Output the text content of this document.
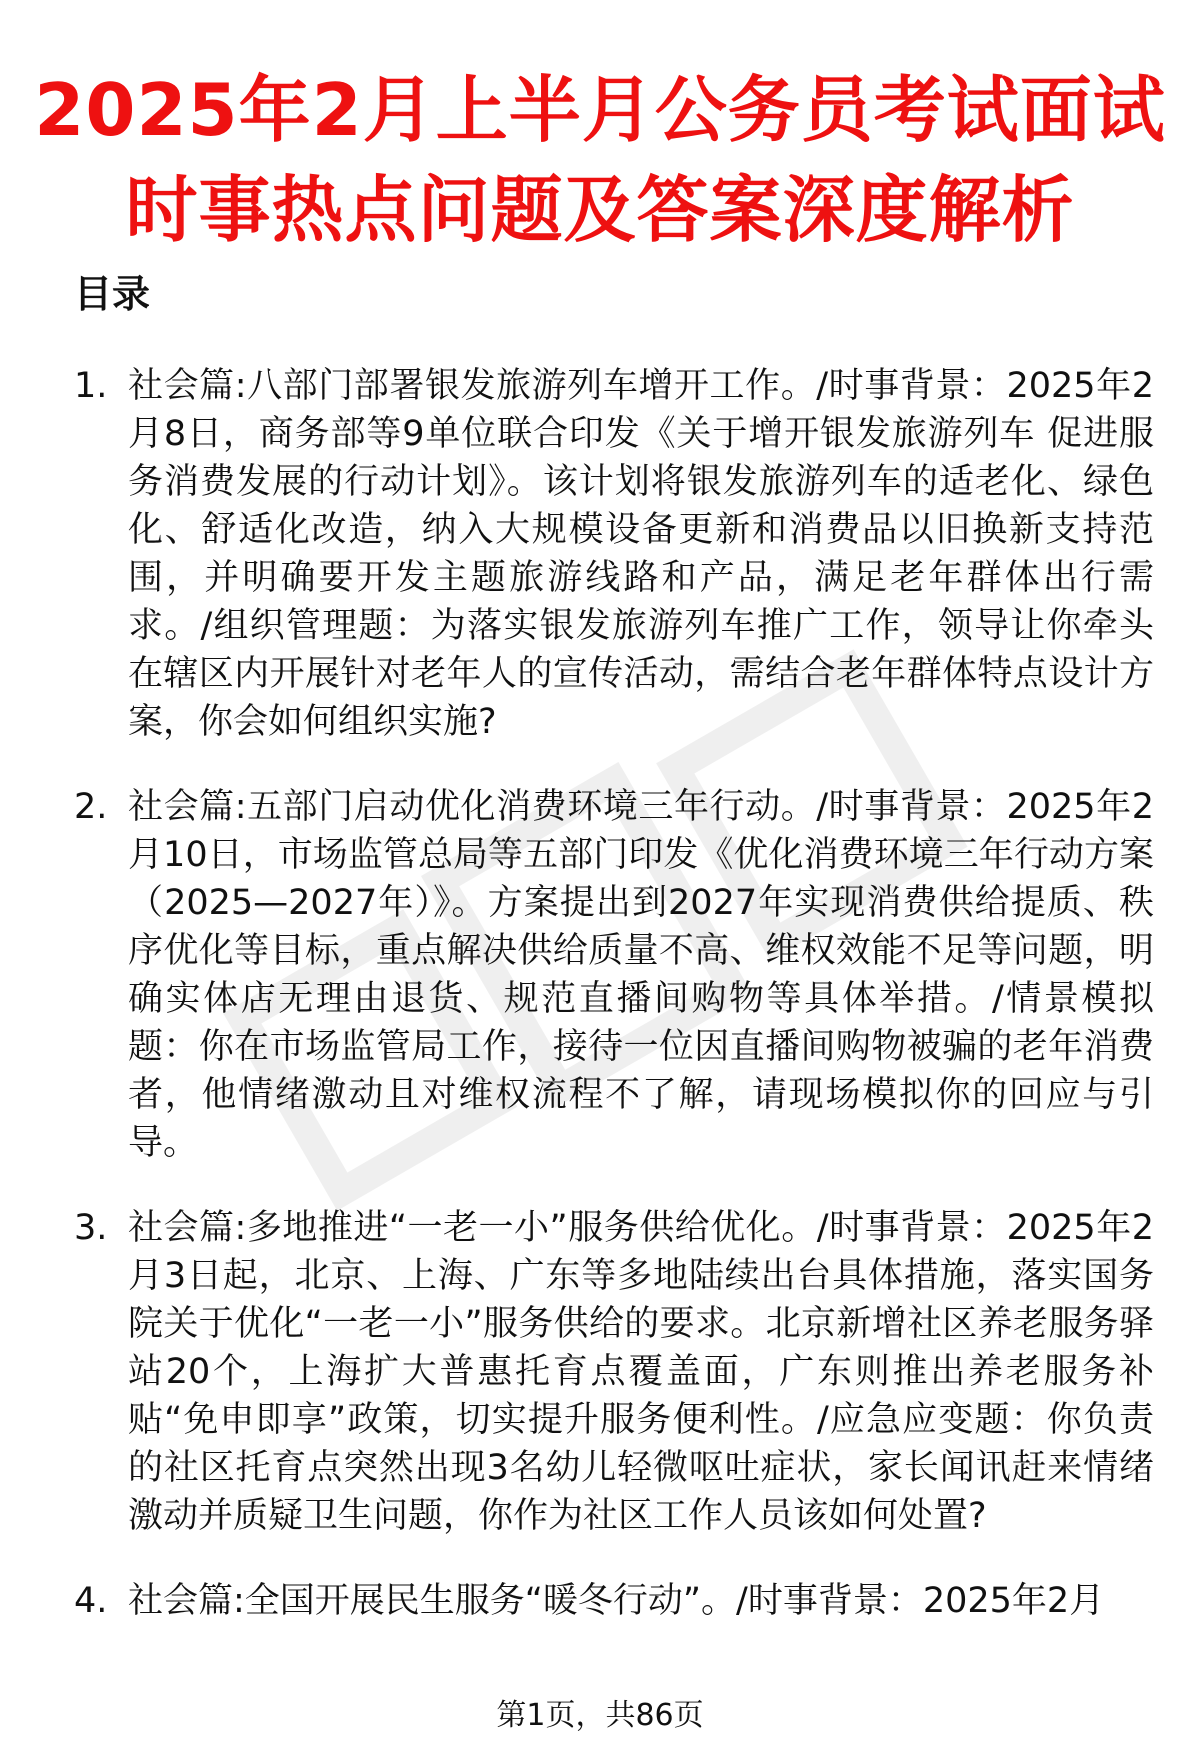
2025年2月上半月公务员考试面试
时事热点问题及答案深度解析
目录
1. 社会篇:八部门部署银发旅游列车增开工作。/时事背景：2025年2月8日，商务部等9单位联合印发《关于增开银发旅游列车 促进服务消费发展的行动计划》。该计划将银发旅游列车的适老化、绿色化、舒适化改造，纳入大规模设备更新和消费品以旧换新支持范围，并明确要开发主题旅游线路和产品，满足老年群体出行需求。/组织管理题：为落实银发旅游列车推广工作，领导让你牵头在辖区内开展针对老年人的宣传活动，需结合老年群体特点设计方案，你会如何组织实施?
2. 社会篇:五部门启动优化消费环境三年行动。/时事背景：2025年2月10日，市场监管总局等五部门印发《优化消费环境三年行动方案（2025—2027年）》。方案提出到2027年实现消费供给提质、秩序优化等目标，重点解决供给质量不高、维权效能不足等问题，明确实体店无理由退货、规范直播间购物等具体举措。/情景模拟题：你在市场监管局工作，接待一位因直播间购物被骗的老年消费者，他情绪激动且对维权流程不了解，请现场模拟你的回应与引导。
3. 社会篇:多地推进“一老一小”服务供给优化。/时事背景：2025年2月3日起，北京、上海、广东等多地陆续出台具体措施，落实国务院关于优化“一老一小”服务供给的要求。北京新增社区养老服务驿站20个，上海扩大普惠托育点覆盖面，广东则推出养老服务补贴“免申即享”政策，切实提升服务便利性。/应急应变题：你负责的社区托育点突然出现3名幼儿轻微呕吐症状，家长闻讯赶来情绪激动并质疑卫生问题，你作为社区工作人员该如何处置?
4. 社会篇:全国开展民生服务“暖冬行动”。/时事背景：2025年2月
第1页，共86页
